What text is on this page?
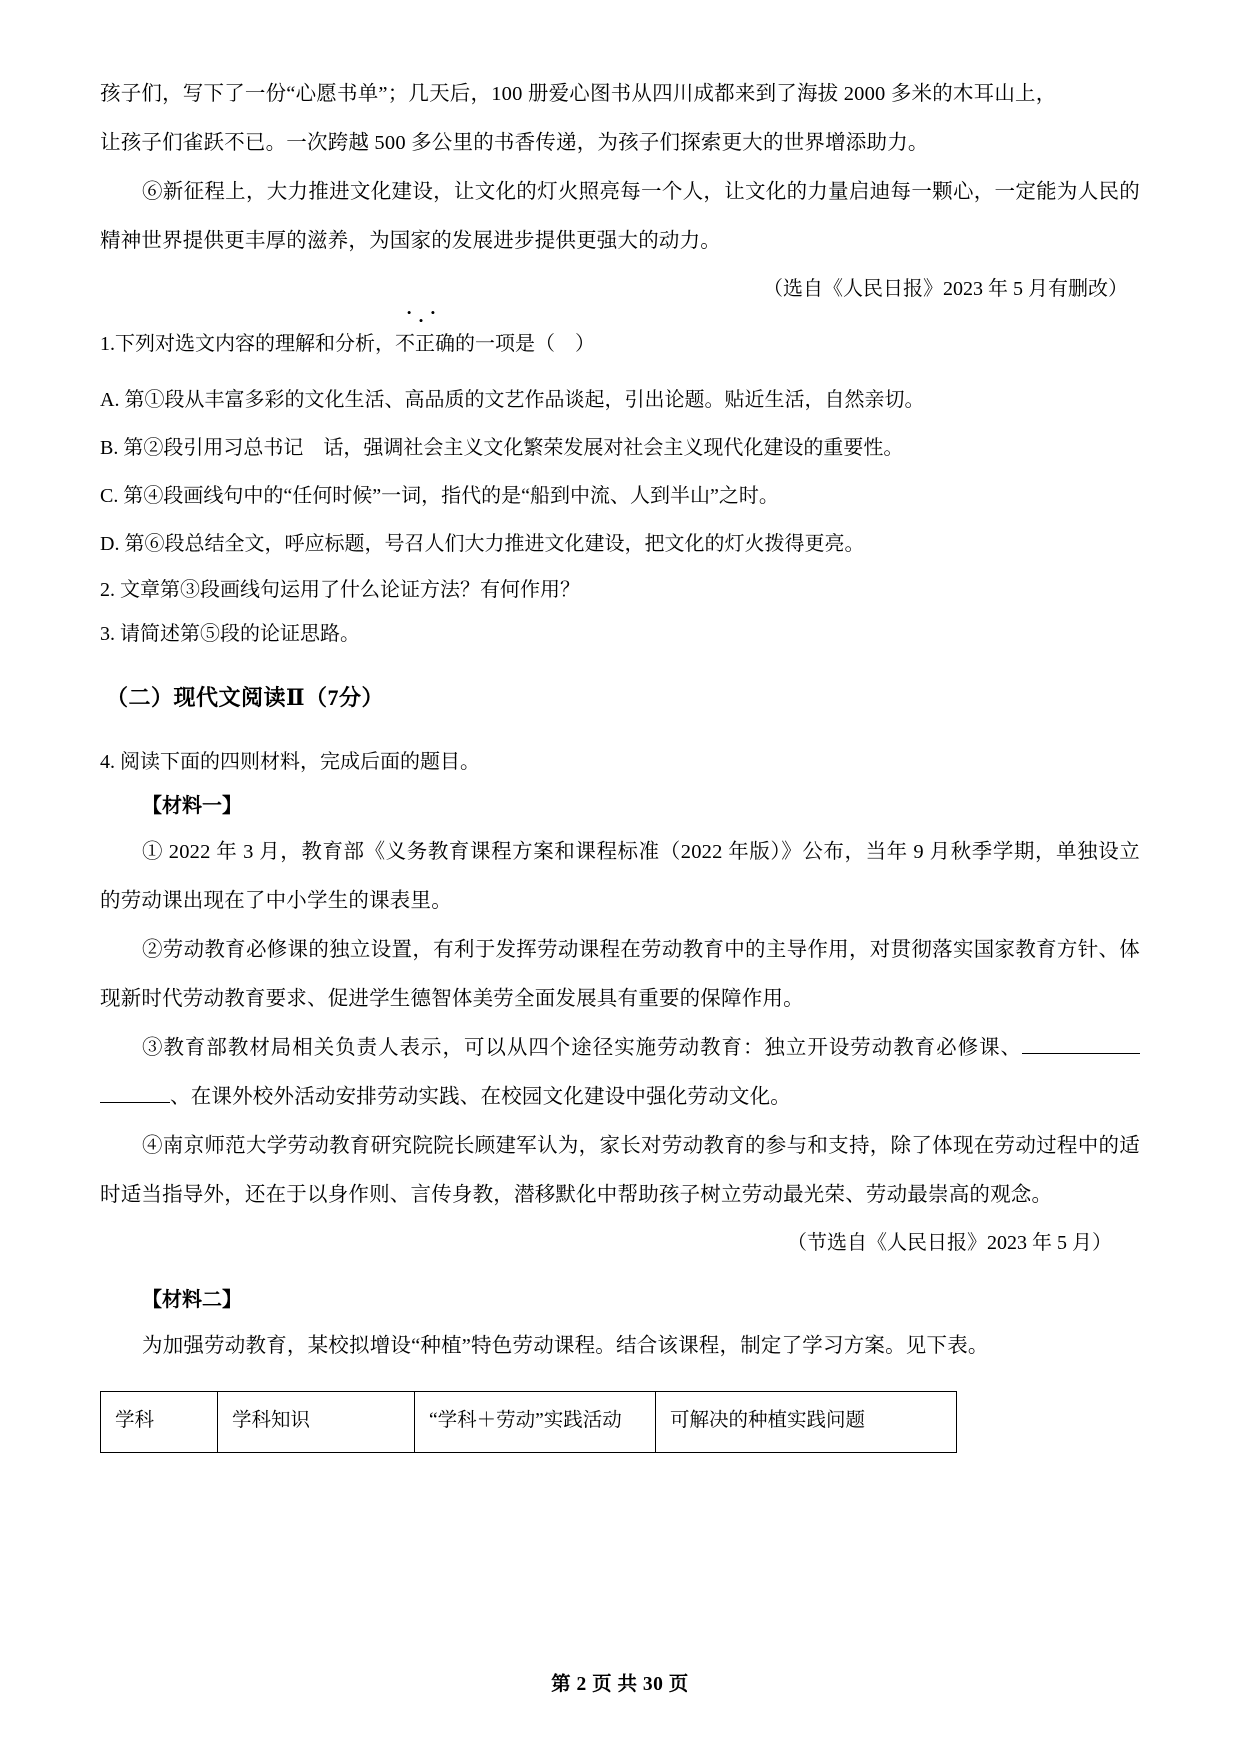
孩子们，写下了一份“心愿书单”；几天后，100 册爱心图书从四川成都来到了海拔 2000 多米的木耳山上，

让孩子们雀跃不已。一次跨越 500 多公里的书香传递，为孩子们探索更大的世界增添助力。

⑥新征程上，大力推进文化建设，让文化的灯火照亮每一个人，让文化的力量启迪每一颗心，一定能为人民的精神世界提供更丰厚的滋养，为国家的发展进步提供更强大的动力。

（选自《人民日报》2023 年 5 月有删改）

1.下列对选文内容的理解和分析，
• • •
不正确的一项是（　）

A. 第①段从丰富多彩的文化生活、高品质的文艺作品谈起，引出论题。贴近生活，自然亲切。

B. 第②段引用习总书记　话，强调社会主义文化繁荣发展对社会主义现代化建设的重要性。

C. 第④段画线句中的“任何时候”一词，指代的是“船到中流、人到半山”之时。

D. 第⑥段总结全文，呼应标题，号召人们大力推进文化建设，把文化的灯火拨得更亮。

2. 文章第③段画线句运用了什么论证方法？有何作用？

3. 请简述第⑤段的论证思路。

（二）现代文阅读Ⅱ（7分）

4. 阅读下面的四则材料，完成后面的题目。

【材料一】

① 2022 年 3 月，教育部《义务教育课程方案和课程标准（2022 年版）》公布，当年 9 月秋季学期，单独设立的劳动课出现在了中小学生的课表里。

②劳动教育必修课的独立设置，有利于发挥劳动课程在劳动教育中的主导作用，对贯彻落实国家教育方针、体现新时代劳动教育要求、促进学生德智体美劳全面发展具有重要的保障作用。

③教育部教材局相关负责人表示，可以从四个途径实施劳动教育：独立开设劳动教育必修课、、在课外校外活动安排劳动实践、在校园文化建设中强化劳动文化。

④南京师范大学劳动教育研究院院长顾建军认为，家长对劳动教育的参与和支持，除了体现在劳动过程中的适时适当指导外，还在于以身作则、言传身教，潜移默化中帮助孩子树立劳动最光荣、劳动最崇高的观念。

（节选自《人民日报》2023 年 5 月）

【材料二】

为加强劳动教育，某校拟增设“种植”特色劳动课程。结合该课程，制定了学习方案。见下表。

学科	学科知识	“学科＋劳动”实践活动	可解决的种植实践问题
第 2 页 共 30 页
